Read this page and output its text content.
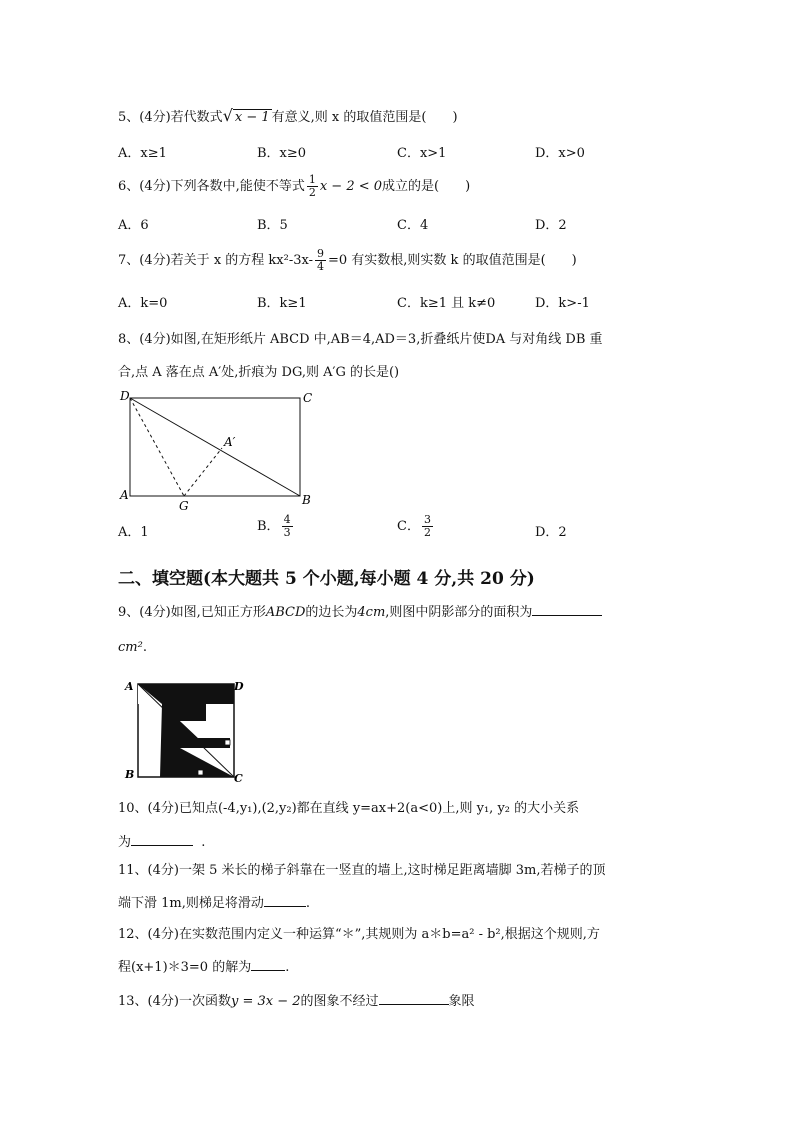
5、(4分)若代数式√ x − 1 有意义,则 x 的取值范围是(　　)
A．x≥1	B．x≥0	C．x>1	D．x>0
6、(4分)下列各数中,能使不等式 $\frac{1}{2}$ x − 2 < 0成立的是(　　)
A．6	B．5	C．4	D．2
7、(4分)若关于 x 的方程 $kx^2-3x- \frac{9}{4} =0$ 有实数根,则实数 k 的取值范围是(　　)
A．k=0	B．k≥1	C．k≥1 且 k≠0	D．k>-1
8、(4分)如图,在矩形纸片 ABCD 中,AB＝4,AD＝3,折叠纸片使DA 与对角线 DB 重
合,点 A 落在点 A′处,折痕为 DG,则 A′G 的长是()
D	C
A	B
G
A′
A．1	B． $\frac{4}{3}$	C． $\frac{3}{2}$	D．2
二、填空题(本大题共 5 个小题,每小题 4 分,共 20 分)
9、(4分)如图,已知正方形ABCD的边长为4cm,则图中阴影部分的面积为
cm².
A	D
B	C
10、(4分)已知点(-4,y₁),(2,y₂)都在直线 y=ax+2(a<0)上,则 y₁, y₂ 的大小关系
为	.
11、(4分)一架 5 米长的梯子斜靠在一竖直的墙上,这时梯足距离墙脚 3m,若梯子的顶
端下滑 1m,则梯足将滑动	.
12、(4分)在实数范围内定义一种运算“＊”,其规则为 a＊b=a² - b²,根据这个规则,方
程(x+1)＊3=0 的解为	.
13、(4分)一次函数y = 3x − 2的图象不经过	象限
